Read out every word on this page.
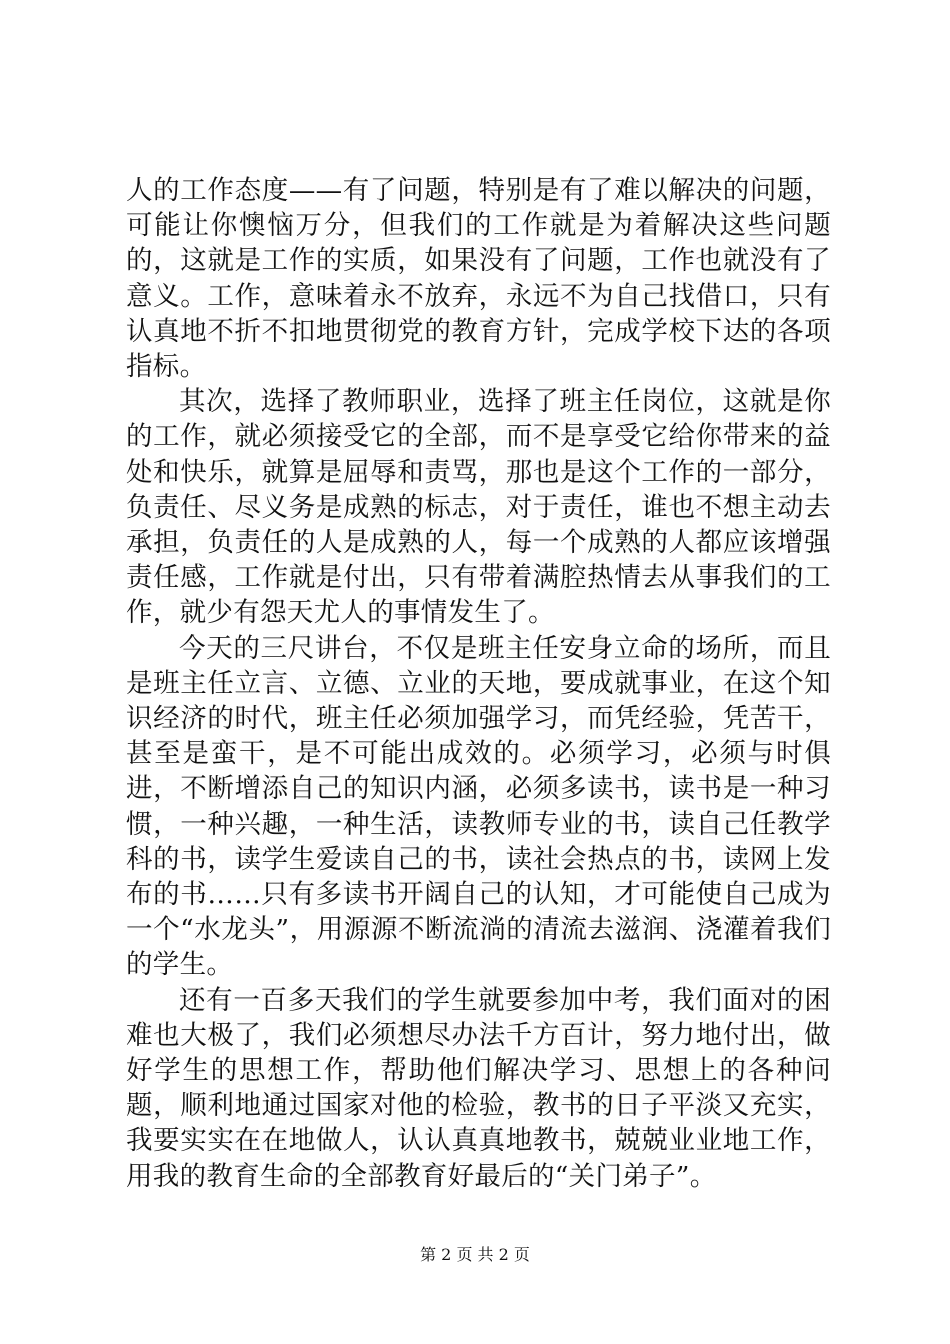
人的工作态度——有了问题，特别是有了难以解决的问题，可能让你懊恼万分，但我们的工作就是为着解决这些问题的，这就是工作的实质，如果没有了问题，工作也就没有了意义。工作，意味着永不放弃，永远不为自己找借口，只有认真地不折不扣地贯彻党的教育方针，完成学校下达的各项指标。

其次，选择了教师职业，选择了班主任岗位，这就是你的工作，就必须接受它的全部，而不是享受它给你带来的益处和快乐，就算是屈辱和责骂，那也是这个工作的一部分，负责任、尽义务是成熟的标志，对于责任，谁也不想主动去承担，负责任的人是成熟的人，每一个成熟的人都应该增强责任感，工作就是付出，只有带着满腔热情去从事我们的工作，就少有怨天尤人的事情发生了。

今天的三尺讲台，不仅是班主任安身立命的场所，而且是班主任立言、立德、立业的天地，要成就事业，在这个知识经济的时代，班主任必须加强学习，而凭经验，凭苦干，甚至是蛮干，是不可能出成效的。必须学习，必须与时俱进，不断增添自己的知识内涵，必须多读书，读书是一种习惯，一种兴趣，一种生活，读教师专业的书，读自己任教学科的书，读学生爱读自己的书，读社会热点的书，读网上发布的书……只有多读书开阔自己的认知，才可能使自己成为一个“水龙头”，用源源不断流淌的清流去滋润、浇灌着我们的学生。

还有一百多天我们的学生就要参加中考，我们面对的困难也大极了，我们必须想尽办法千方百计，努力地付出，做好学生的思想工作，帮助他们解决学习、思想上的各种问题，顺利地通过国家对他的检验，教书的日子平淡又充实，我要实实在在地做人，认认真真地教书，兢兢业业地工作，用我的教育生命的全部教育好最后的“关门弟子”。

第 2 页 共 2 页
